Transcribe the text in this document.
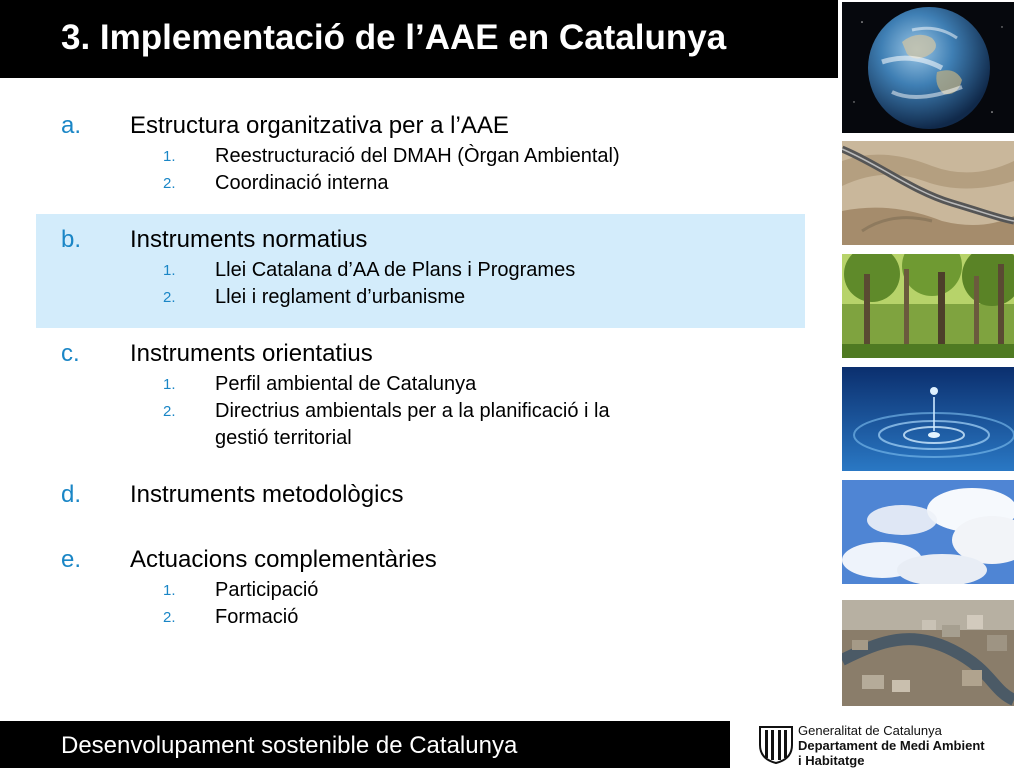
3. Implementació de l’AAE en Catalunya
a. Estructura organitzativa per a l’AAE
1. Reestructuració del DMAH (Òrgan Ambiental)
2. Coordinació interna
b. Instruments normatius
1. Llei Catalana d’AA de Plans i Programes
2. Llei i reglament d’urbanisme
c. Instruments orientatius
1. Perfil ambiental de Catalunya
2. Directrius ambientals per a la planificació i la
gestió territorial
d. Instruments metodològics
e. Actuacions complementàries
1. Participació
2. Formació
Desenvolupament sostenible de Catalunya
Generalitat de Catalunya
Departament de Medi Ambient
i Habitatge
